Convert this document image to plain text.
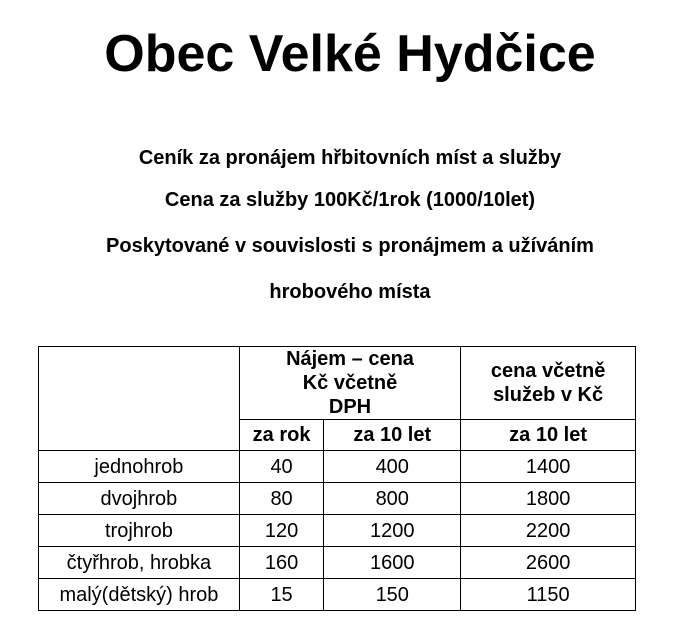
Obec Velké Hydčice
Ceník za pronájem hřbitovních míst a služby
Cena za služby 100Kč/1rok (1000/10let)
Poskytované v souvislosti s pronájmem a užíváním
hrobového místa
	Nájem – cena Kč včetně DPH		cena včetně služeb v Kč
	za rok	za 10 let	za 10 let
jednohrob	40	400	1400
dvojhrob	80	800	1800
trojhrob	120	1200	2200
čtyřhrob, hrobka	160	1600	2600
malý(dětský) hrob	15	150	1150
